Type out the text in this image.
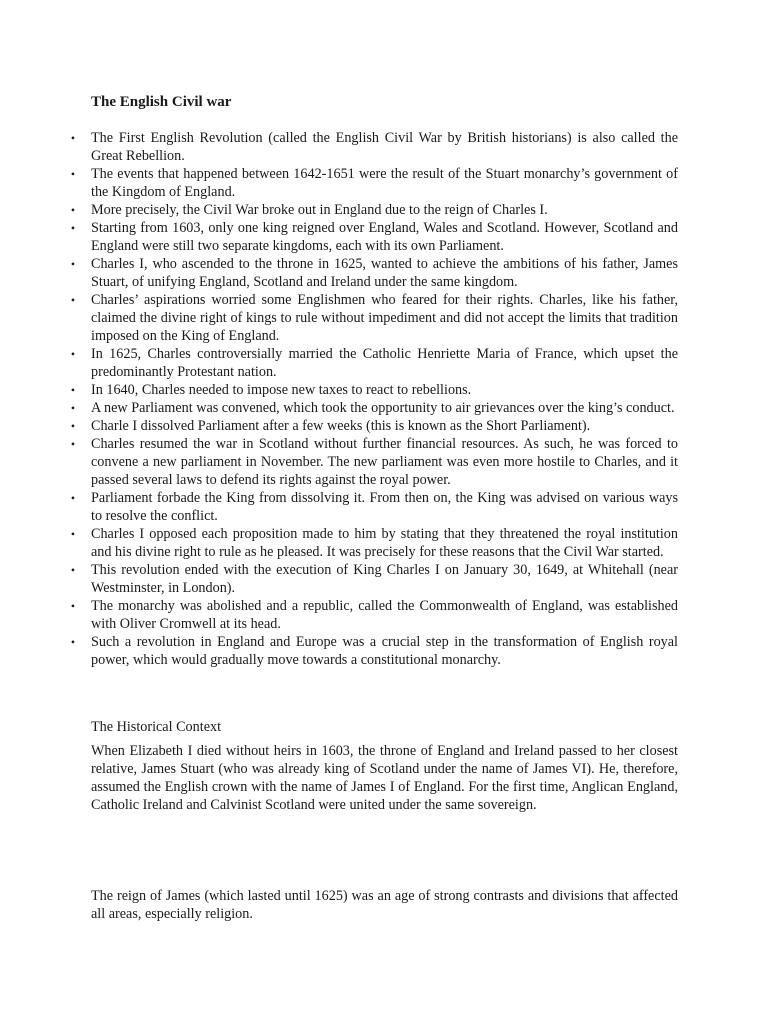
The English Civil war
• The First English Revolution (called the English Civil War by British historians) is also called the Great Rebellion.
• The events that happened between 1642-1651 were the result of the Stuart monarchy’s government of the Kingdom of England.
• More precisely, the Civil War broke out in England due to the reign of Charles I.
• Starting from 1603, only one king reigned over England, Wales and Scotland. However, Scotland and England were still two separate kingdoms, each with its own Parliament.
• Charles I, who ascended to the throne in 1625, wanted to achieve the ambitions of his father, James Stuart, of unifying England, Scotland and Ireland under the same kingdom.
• Charles’ aspirations worried some Englishmen who feared for their rights. Charles, like his father, claimed the divine right of kings to rule without impediment and did not accept the limits that tradition imposed on the King of England.
• In 1625, Charles controversially married the Catholic Henriette Maria of France, which upset the predominantly Protestant nation.
• In 1640, Charles needed to impose new taxes to react to rebellions.
• A new Parliament was convened, which took the opportunity to air grievances over the king’s conduct.
• Charle I dissolved Parliament after a few weeks (this is known as the Short Parliament).
• Charles resumed the war in Scotland without further financial resources. As such, he was forced to convene a new parliament in November. The new parliament was even more hostile to Charles, and it passed several laws to defend its rights against the royal power.
• Parliament forbade the King from dissolving it. From then on, the King was advised on various ways to resolve the conflict.
• Charles I opposed each proposition made to him by stating that they threatened the royal institution and his divine right to rule as he pleased. It was precisely for these reasons that the Civil War started.
• This revolution ended with the execution of King Charles I on January 30, 1649, at Whitehall (near Westminster, in London).
• The monarchy was abolished and a republic, called the Commonwealth of England, was established with Oliver Cromwell at its head.
• Such a revolution in England and Europe was a crucial step in the transformation of English royal power, which would gradually move towards a constitutional monarchy.
The Historical Context

When Elizabeth I died without heirs in 1603, the throne of England and Ireland passed to her closest relative, James Stuart (who was already king of Scotland under the name of James VI). He, therefore, assumed the English crown with the name of James I of England. For the first time, Anglican England, Catholic Ireland and Calvinist Scotland were united under the same sovereign.

The reign of James (which lasted until 1625) was an age of strong contrasts and divisions that affected all areas, especially religion.
